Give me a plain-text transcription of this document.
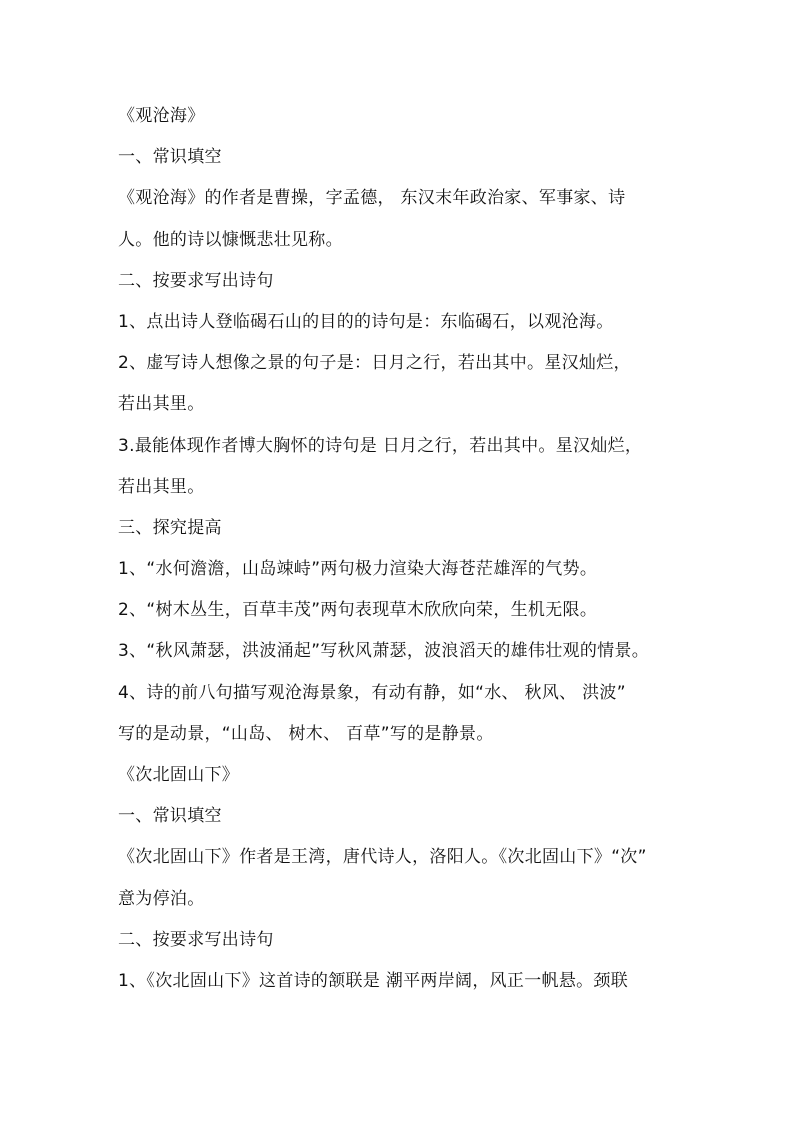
《观沧海》
一、常识填空
《观沧海》的作者是曹操，字孟德， 东汉末年政治家、军事家、诗
人。他的诗以慷慨悲壮见称。
二、按要求写出诗句
1、点出诗人登临碣石山的目的的诗句是：东临碣石，以观沧海。
2、虚写诗人想像之景的句子是：日月之行，若出其中。星汉灿烂，
若出其里。
3.最能体现作者博大胸怀的诗句是 日月之行，若出其中。星汉灿烂，
若出其里。
三、探究提高
1、“水何澹澹，山岛竦峙”两句极力渲染大海苍茫雄浑的气势。
2、“树木丛生，百草丰茂”两句表现草木欣欣向荣，生机无限。
3、“秋风萧瑟，洪波涌起”写秋风萧瑟，波浪滔天的雄伟壮观的情景。
4、诗的前八句描写观沧海景象，有动有静，如“水、 秋风、 洪波”
写的是动景，“山岛、 树木、 百草”写的是静景。
《次北固山下》
一、常识填空
《次北固山下》作者是王湾，唐代诗人，洛阳人。《次北固山下》“次”
意为停泊。
二、按要求写出诗句
1、《次北固山下》这首诗的颔联是 潮平两岸阔，风正一帆悬。颈联
